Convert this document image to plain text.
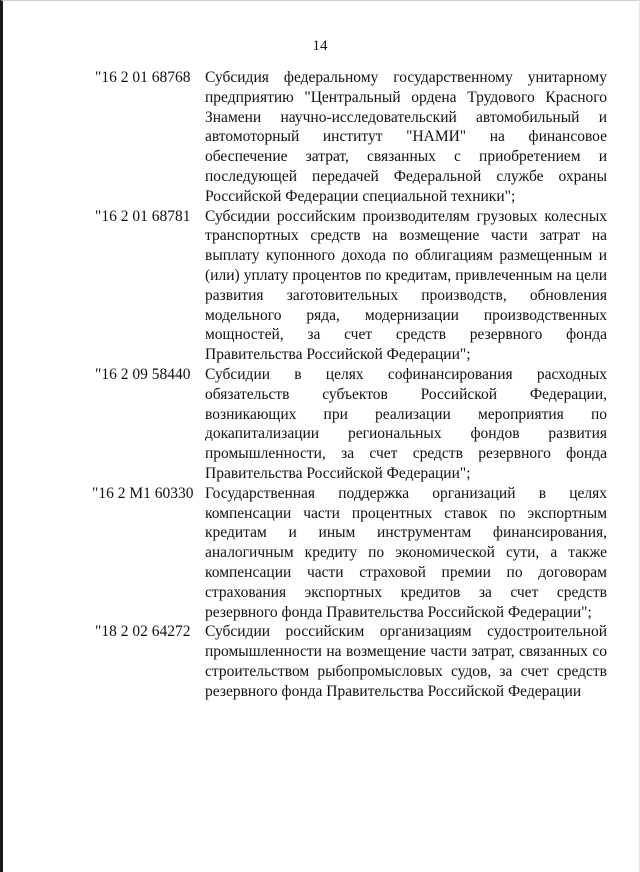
14
"16 2 01 68768 Субсидия федеральному государственному унитарному предприятию "Центральный ордена Трудового Красного Знамени научно-исследовательский автомобильный и автомоторный институт "НАМИ" на финансовое обеспечение затрат, связанных с приобретением и последующей передачей Федеральной службе охраны Российской Федерации специальной техники";
"16 2 01 68781 Субсидии российским производителям грузовых колесных транспортных средств на возмещение части затрат на выплату купонного дохода по облигациям размещенным и (или) уплату процентов по кредитам, привлеченным на цели развития заготовительных производств, обновления модельного ряда, модернизации производственных мощностей, за счет средств резервного фонда Правительства Российской Федерации";
"16 2 09 58440 Субсидии в целях софинансирования расходных обязательств субъектов Российской Федерации, возникающих при реализации мероприятия по докапитализации региональных фондов развития промышленности, за счет средств резервного фонда Правительства Российской Федерации";
"16 2 М1 60330 Государственная поддержка организаций в целях компенсации части процентных ставок по экспортным кредитам и иным инструментам финансирования, аналогичным кредиту по экономической сути, а также компенсации части страховой премии по договорам страхования экспортных кредитов за счет средств резервного фонда Правительства Российской Федерации";
"18 2 02 64272 Субсидии российским организациям судостроительной промышленности на возмещение части затрат, связанных со строительством рыбопромысловых судов, за счет средств резервного фонда Правительства Российской Федерации
